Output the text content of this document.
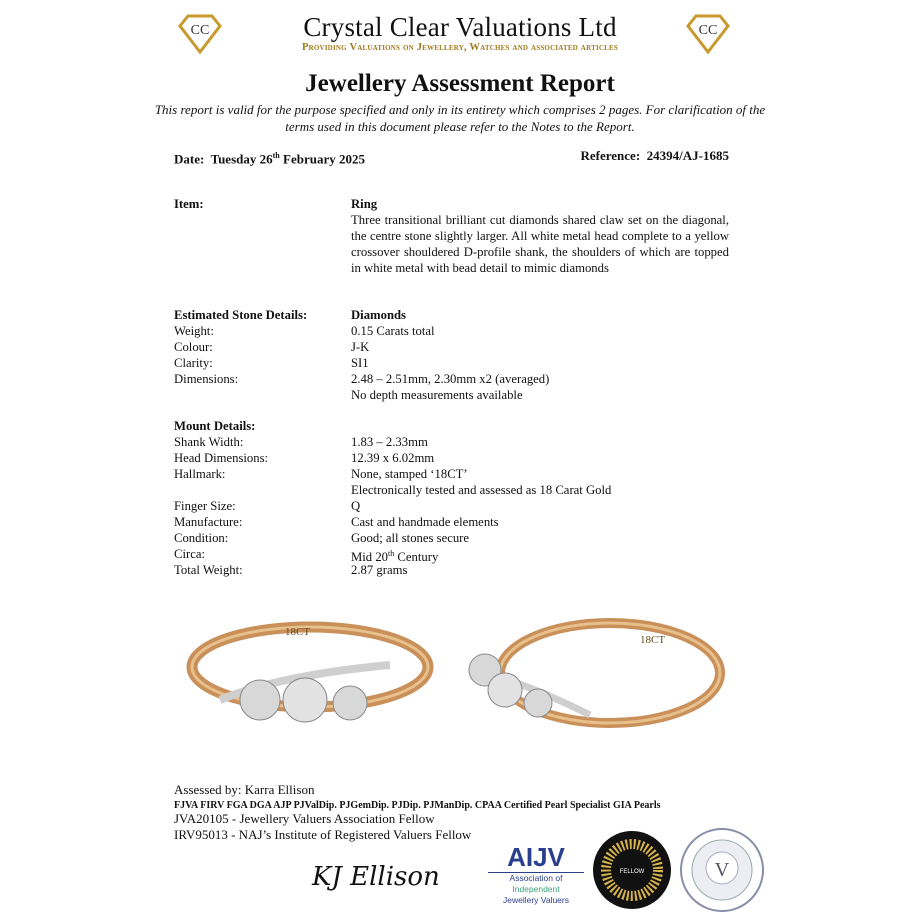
CC	CC
Crystal Clear Valuations Ltd
Providing Valuations on Jewellery, Watches and associated articles
Jewellery Assessment Report
This report is valid for the purpose specified and only in its entirety which comprises 2 pages. For clarification of the terms used in this document please refer to the Notes to the Report.
Date: Tuesday 26th February 2025	Reference: 24394/AJ-1685
Item:	Ring
Three transitional brilliant cut diamonds shared claw set on the diagonal, the centre stone slightly larger. All white metal head complete to a yellow crossover shouldered D-profile shank, the shoulders of which are topped in white metal with bead detail to mimic diamonds
Estimated Stone Details:	Diamonds
Weight:	0.15 Carats total
Colour:	J-K
Clarity:	SI1
Dimensions:	2.48 – 2.51mm, 2.30mm x2 (averaged)
No depth measurements available
Mount Details:
Shank Width:	1.83 – 2.33mm
Head Dimensions:	12.39 x 6.02mm
Hallmark:	None, stamped ‘18CT’
Electronically tested and assessed as 18 Carat Gold
Finger Size:	Q
Manufacture:	Cast and handmade elements
Condition:	Good; all stones secure
Circa:	Mid 20th Century
Total Weight:	2.87 grams
18CT
18CT
Assessed by: Karra Ellison
FJVA FIRV FGA DGA AJP PJValDip. PJGemDip. PJDip. PJManDip. CPAA Certified Pearl Specialist GIA Pearls
JVA20105 - Jewellery Valuers Association Fellow
IRV95013 - NAJ’s Institute of Registered Valuers Fellow
KJ Ellison
AIJV
Association of
Independent
Jewellery Valuers
FELLOW	V
